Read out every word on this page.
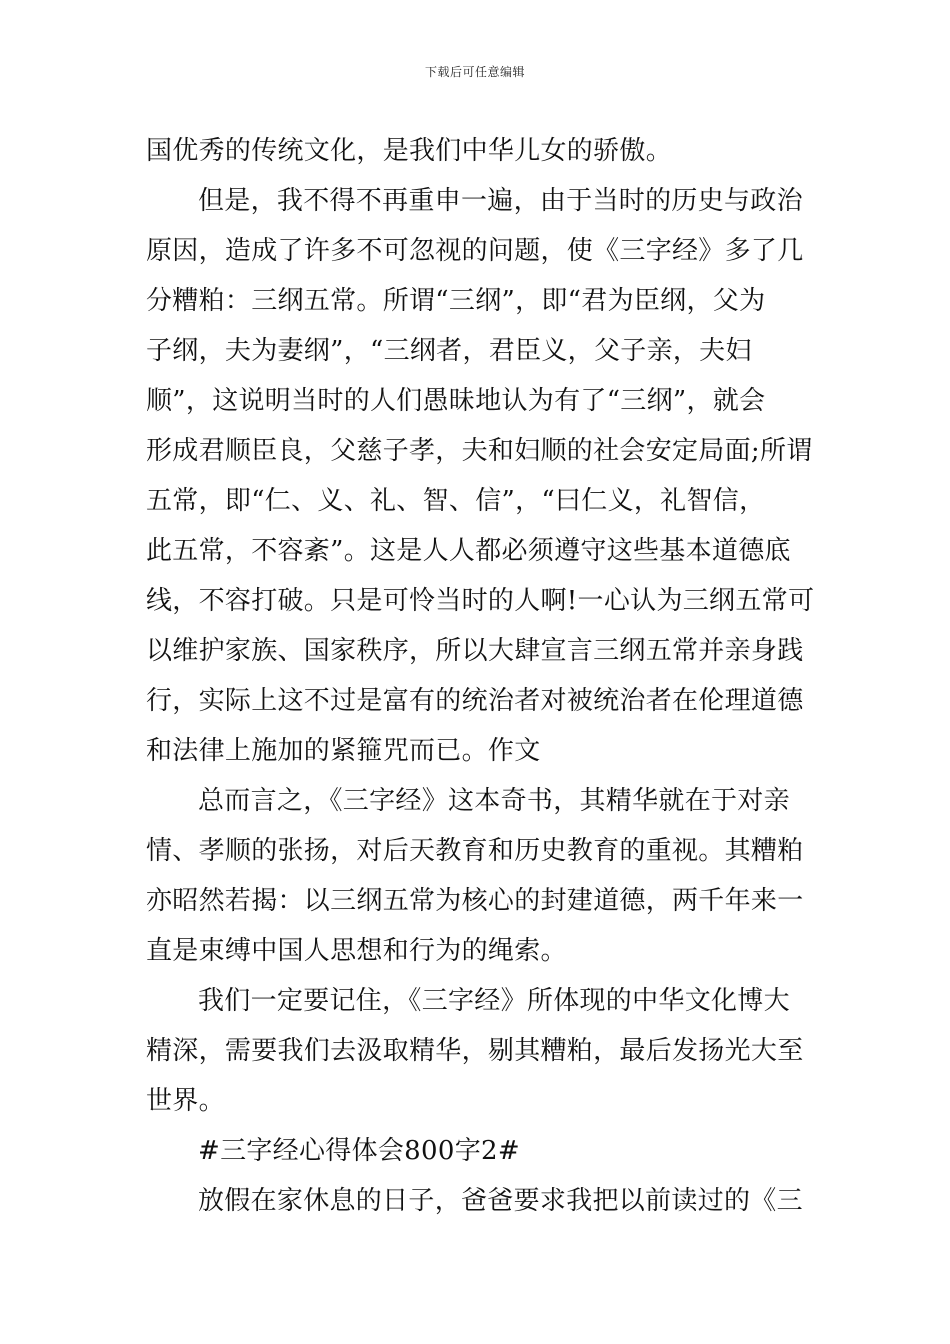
下载后可任意编辑

国优秀的传统文化，是我们中华儿女的骄傲。

但是，我不得不再重申一遍，由于当时的历史与政治
原因，造成了许多不可忽视的问题，使《三字经》多了几
分糟粕：三纲五常。所谓“三纲”，即“君为臣纲，父为
子纲，夫为妻纲”，“三纲者，君臣义，父子亲，夫妇
顺”，这说明当时的人们愚昧地认为有了“三纲”，就会
形成君顺臣良，父慈子孝，夫和妇顺的社会安定局面;所谓
五常，即“仁、义、礼、智、信”，“曰仁义，礼智信，
此五常，不容紊”。这是人人都必须遵守这些基本道德底
线，不容打破。只是可怜当时的人啊!一心认为三纲五常可
以维护家族、国家秩序，所以大肆宣言三纲五常并亲身践
行，实际上这不过是富有的统治者对被统治者在伦理道德
和法律上施加的紧箍咒而已。作文

总而言之，《三字经》这本奇书，其精华就在于对亲
情、孝顺的张扬，对后天教育和历史教育的重视。其糟粕
亦昭然若揭：以三纲五常为核心的封建道德，两千年来一
直是束缚中国人思想和行为的绳索。

我们一定要记住，《三字经》所体现的中华文化博大
精深，需要我们去汲取精华，剔其糟粕，最后发扬光大至
世界。

#三字经心得体会800字2#

放假在家休息的日子，爸爸要求我把以前读过的《三
